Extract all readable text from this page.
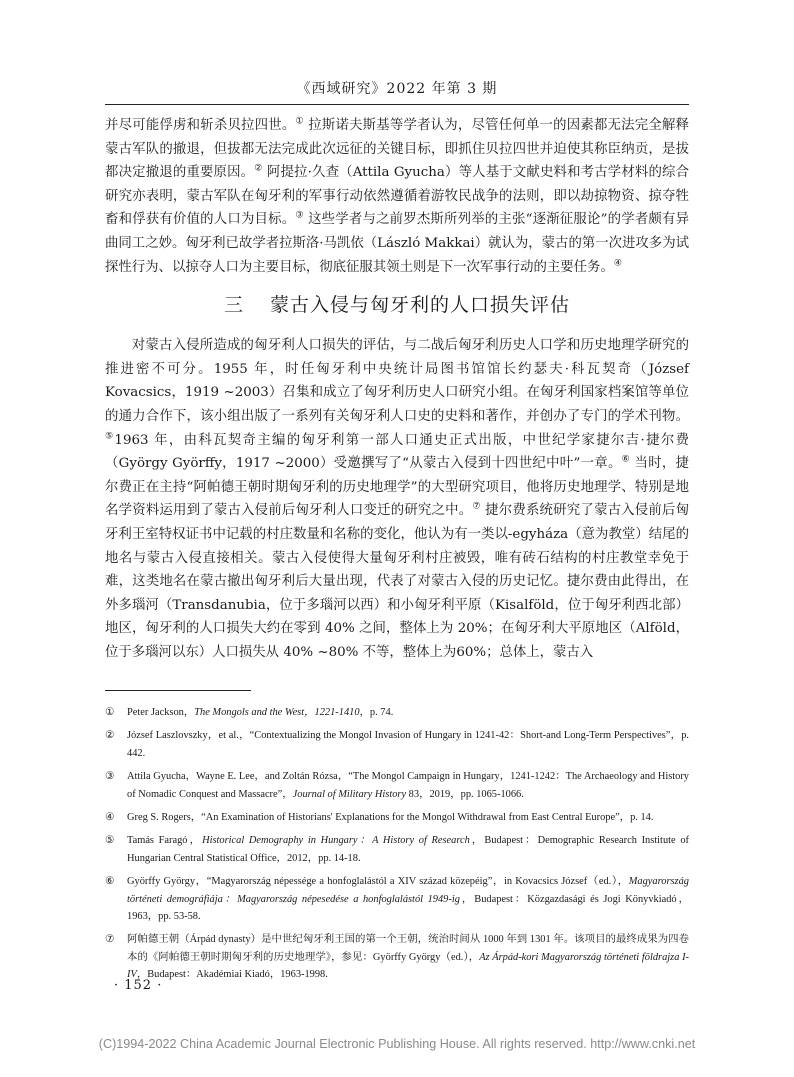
《西域研究》2022 年第 3 期

并尽可能俘虏和斩杀贝拉四世。① 拉斯诺夫斯基等学者认为，尽管任何单一的因素都无法完全解释蒙古军队的撤退，但拔都无法完成此次远征的关键目标，即抓住贝拉四世并迫使其称臣纳贡，是拔都决定撤退的重要原因。② 阿提拉·久查（Attila Gyucha）等人基于文献史料和考古学材料的综合研究亦表明，蒙古军队在匈牙利的军事行动依然遵循着游牧民战争的法则，即以劫掠物资、掠夺牲畜和俘获有价值的人口为目标。③ 这些学者与之前罗杰斯所列举的主张“逐渐征服论”的学者颇有异曲同工之妙。匈牙利已故学者拉斯洛·马凯依（László Makkai）就认为，蒙古的第一次进攻多为试探性行为、以掠夺人口为主要目标，彻底征服其领土则是下一次军事行动的主要任务。④

三 蒙古入侵与匈牙利的人口损失评估

对蒙古入侵所造成的匈牙利人口损失的评估，与二战后匈牙利历史人口学和历史地理学研究的推进密不可分。1955 年，时任匈牙利中央统计局图书馆馆长约瑟夫·科瓦契奇（József Kovacsics，1919 ~2003）召集和成立了匈牙利历史人口研究小组。在匈牙利国家档案馆等单位的通力合作下，该小组出版了一系列有关匈牙利人口史的史料和著作，并创办了专门的学术刊物。⑤1963 年，由科瓦契奇主编的匈牙利第一部人口通史正式出版，中世纪学家捷尔吉·捷尔费（György Györffy，1917 ~2000）受邀撰写了“从蒙古入侵到十四世纪中叶”一章。⑥ 当时，捷尔费正在主持“阿帕德王朝时期匈牙利的历史地理学”的大型研究项目，他将历史地理学、特别是地名学资料运用到了蒙古入侵前后匈牙利人口变迁的研究之中。⑦ 捷尔费系统研究了蒙古入侵前后匈牙利王室特权证书中记载的村庄数量和名称的变化，他认为有一类以-egyháza（意为教堂）结尾的地名与蒙古入侵直接相关。蒙古入侵使得大量匈牙利村庄被毁，唯有砖石结构的村庄教堂幸免于难，这类地名在蒙古撤出匈牙利后大量出现，代表了对蒙古入侵的历史记忆。捷尔费由此得出，在外多瑙河（Transdanubia，位于多瑙河以西）和小匈牙利平原（Kisalföld，位于匈牙利西北部）地区，匈牙利的人口损失大约在零到 40% 之间，整体上为 20%；在匈牙利大平原地区（Alföld，位于多瑙河以东）人口损失从 40% ~80% 不等，整体上为60%；总体上，蒙古入

①	Peter Jackson，The Mongols and the West，1221-1410，p. 74.
②	József Laszlovszky，et al.，“Contextualizing the Mongol Invasion of Hungary in 1241-42：Short-and Long-Term Perspectives”，p. 442.
③	Attila Gyucha，Wayne E. Lee，and Zoltán Rózsa，“The Mongol Campaign in Hungary，1241-1242：The Archaeology and History of Nomadic Conquest and Massacre”，Journal of Military History 83，2019，pp. 1065-1066.
④	Greg S. Rogers，“An Examination of Historians' Explanations for the Mongol Withdrawal from East Central Europe”，p. 14.
⑤	Tamás Faragó，Historical Demography in Hungary：A History of Research，Budapest：Demographic Research Institute of Hungarian Central Statistical Office，2012，pp. 14-18.
⑥	Györffy György，“Magyarország népessége a honfoglalástól a XIV század közepéig”，in Kovacsics József（ed.），Magyarország történeti demográfiája：Magyarország népesedése a honfoglalástól 1949-ig，Budapest：Közgazdasági és Jogi Könyvkiadó，1963，pp. 53-58.
⑦	阿帕德王朝（Árpád dynasty）是中世纪匈牙利王国的第一个王朝，统治时间从 1000 年到 1301 年。该项目的最终成果为四卷本的《阿帕德王朝时期匈牙利的历史地理学》，参见：Györffy György（ed.），Az Árpád-kori Magyarország történeti földrajza I-IV，Budapest：Akadémiai Kiadó，1963-1998.
· 152 ·
(C)1994-2022 China Academic Journal Electronic Publishing House. All rights reserved. http://www.cnki.net
